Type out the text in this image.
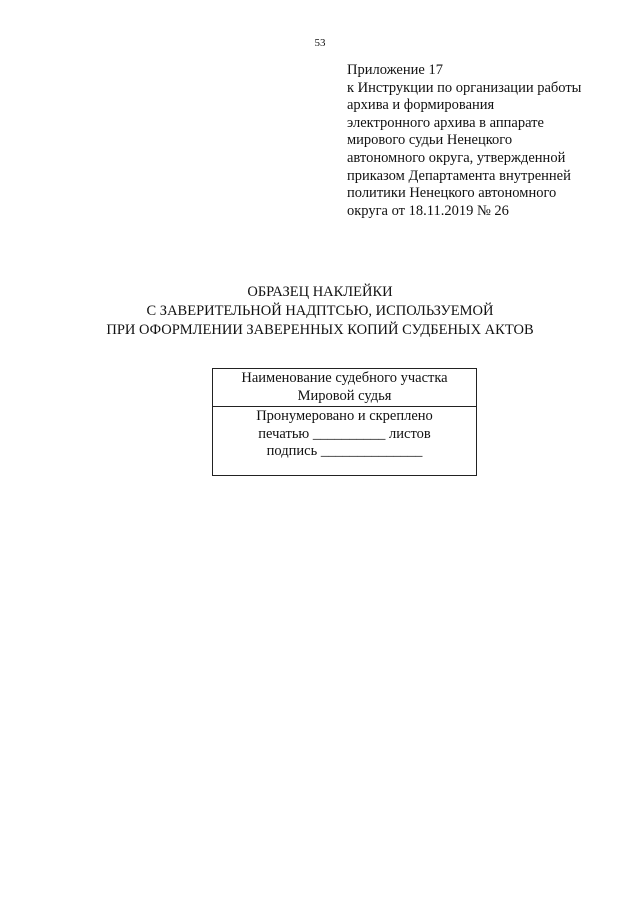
53
Приложение 17
к Инструкции по организации работы
архива и формирования
электронного архива в аппарате
мирового судьи Ненецкого
автономного округа, утвержденной
приказом Департамента внутренней
политики Ненецкого автономного
округа от 18.11.2019 № 26
ОБРАЗЕЦ НАКЛЕЙКИ
С ЗАВЕРИТЕЛЬНОЙ НАДПТСЬЮ, ИСПОЛЬЗУЕМОЙ
ПРИ ОФОРМЛЕНИИ ЗАВЕРЕННЫХ КОПИЙ СУДБЕНЫХ АКТОВ
Наименование судебного участка
Мировой судья
Пронумеровано и скреплено
печатью __________ листов
подпись ______________
